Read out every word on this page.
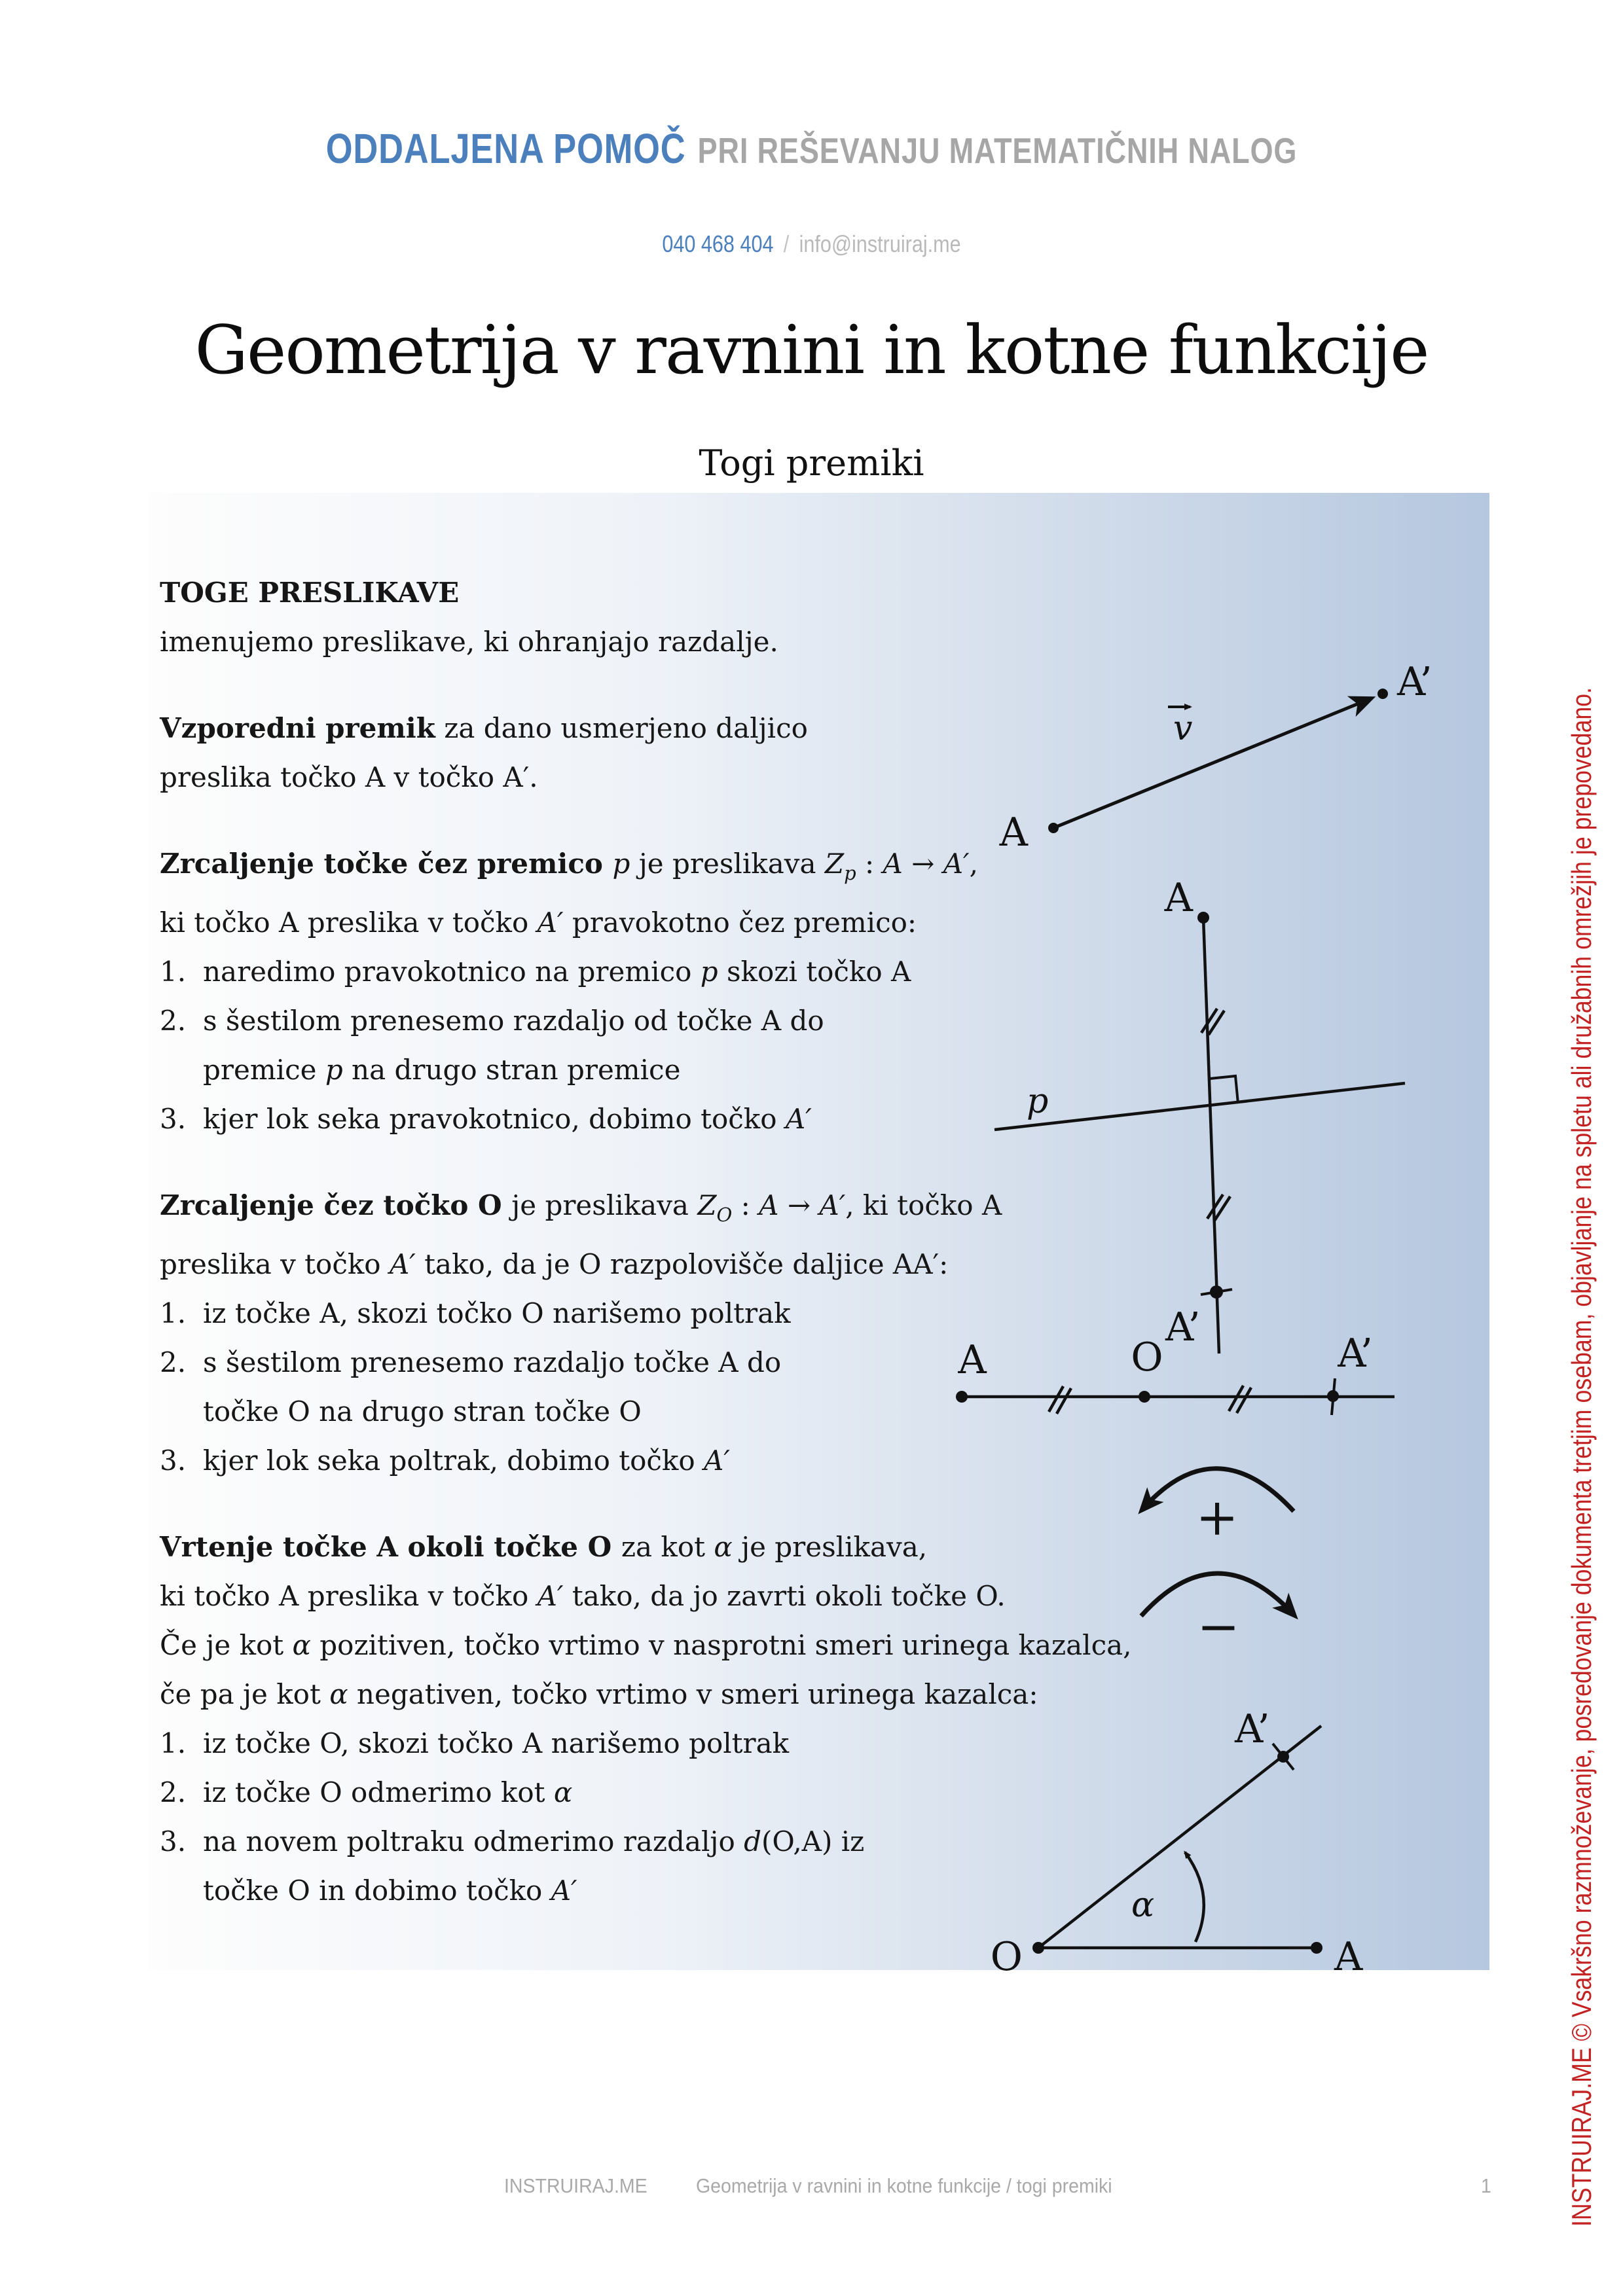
ODDALJENA POMOČ PRI REŠEVANJU MATEMATIČNIH NALOG
040 468 404 / info@instruiraj.me
Geometrija v ravnini in kotne funkcije
Togi premiki
TOGE PRESLIKAVE
imenujemo preslikave, ki ohranjajo razdalje.
Vzporedni premik za dano usmerjeno daljico
preslika točko A v točko A′.
Zrcaljenje točke čez premico p je preslikava $Z_p$ : A → A′,
ki točko A preslika v točko A′ pravokotno čez premico:
1. naredimo pravokotnico na premico p skozi točko A
2. s šestilom prenesemo razdaljo od točke A do
premice p na drugo stran premice
3. kjer lok seka pravokotnico, dobimo točko A′
Zrcaljenje čez točko O je preslikava $Z_O$ : A → A′, ki točko A
preslika v točko A′ tako, da je O razpolovišče daljice AA′:
1. iz točke A, skozi točko O narišemo poltrak
2. s šestilom prenesemo razdaljo točke A do
točke O na drugo stran točke O
3. kjer lok seka poltrak, dobimo točko A′
Vrtenje točke A okoli točke O za kot α je preslikava,
ki točko A preslika v točko A′ tako, da jo zavrti okoli točke O.
Če je kot α pozitiven, točko vrtimo v nasprotni smeri urinega kazalca,
če pa je kot α negativen, točko vrtimo v smeri urinega kazalca:
1. iz točke O, skozi točko A narišemo poltrak
2. iz točke O odmerimo kot α
3. na novem poltraku odmerimo razdaljo d(O,A) iz
točke O in dobimo točko A′
A
A’
v
A
A’
p
A	O	A’
+
−
O	A
A’
α	INSTRUIRAJ.ME © Vsakršno razmnoževanje, posredovanje dokumenta tretjim osebam, objavljanje na spletu ali družabnih omrežjih je prepovedano.
INSTRUIRAJ.ME Geometrija v ravnini in kotne funkcije / togi premiki	1
